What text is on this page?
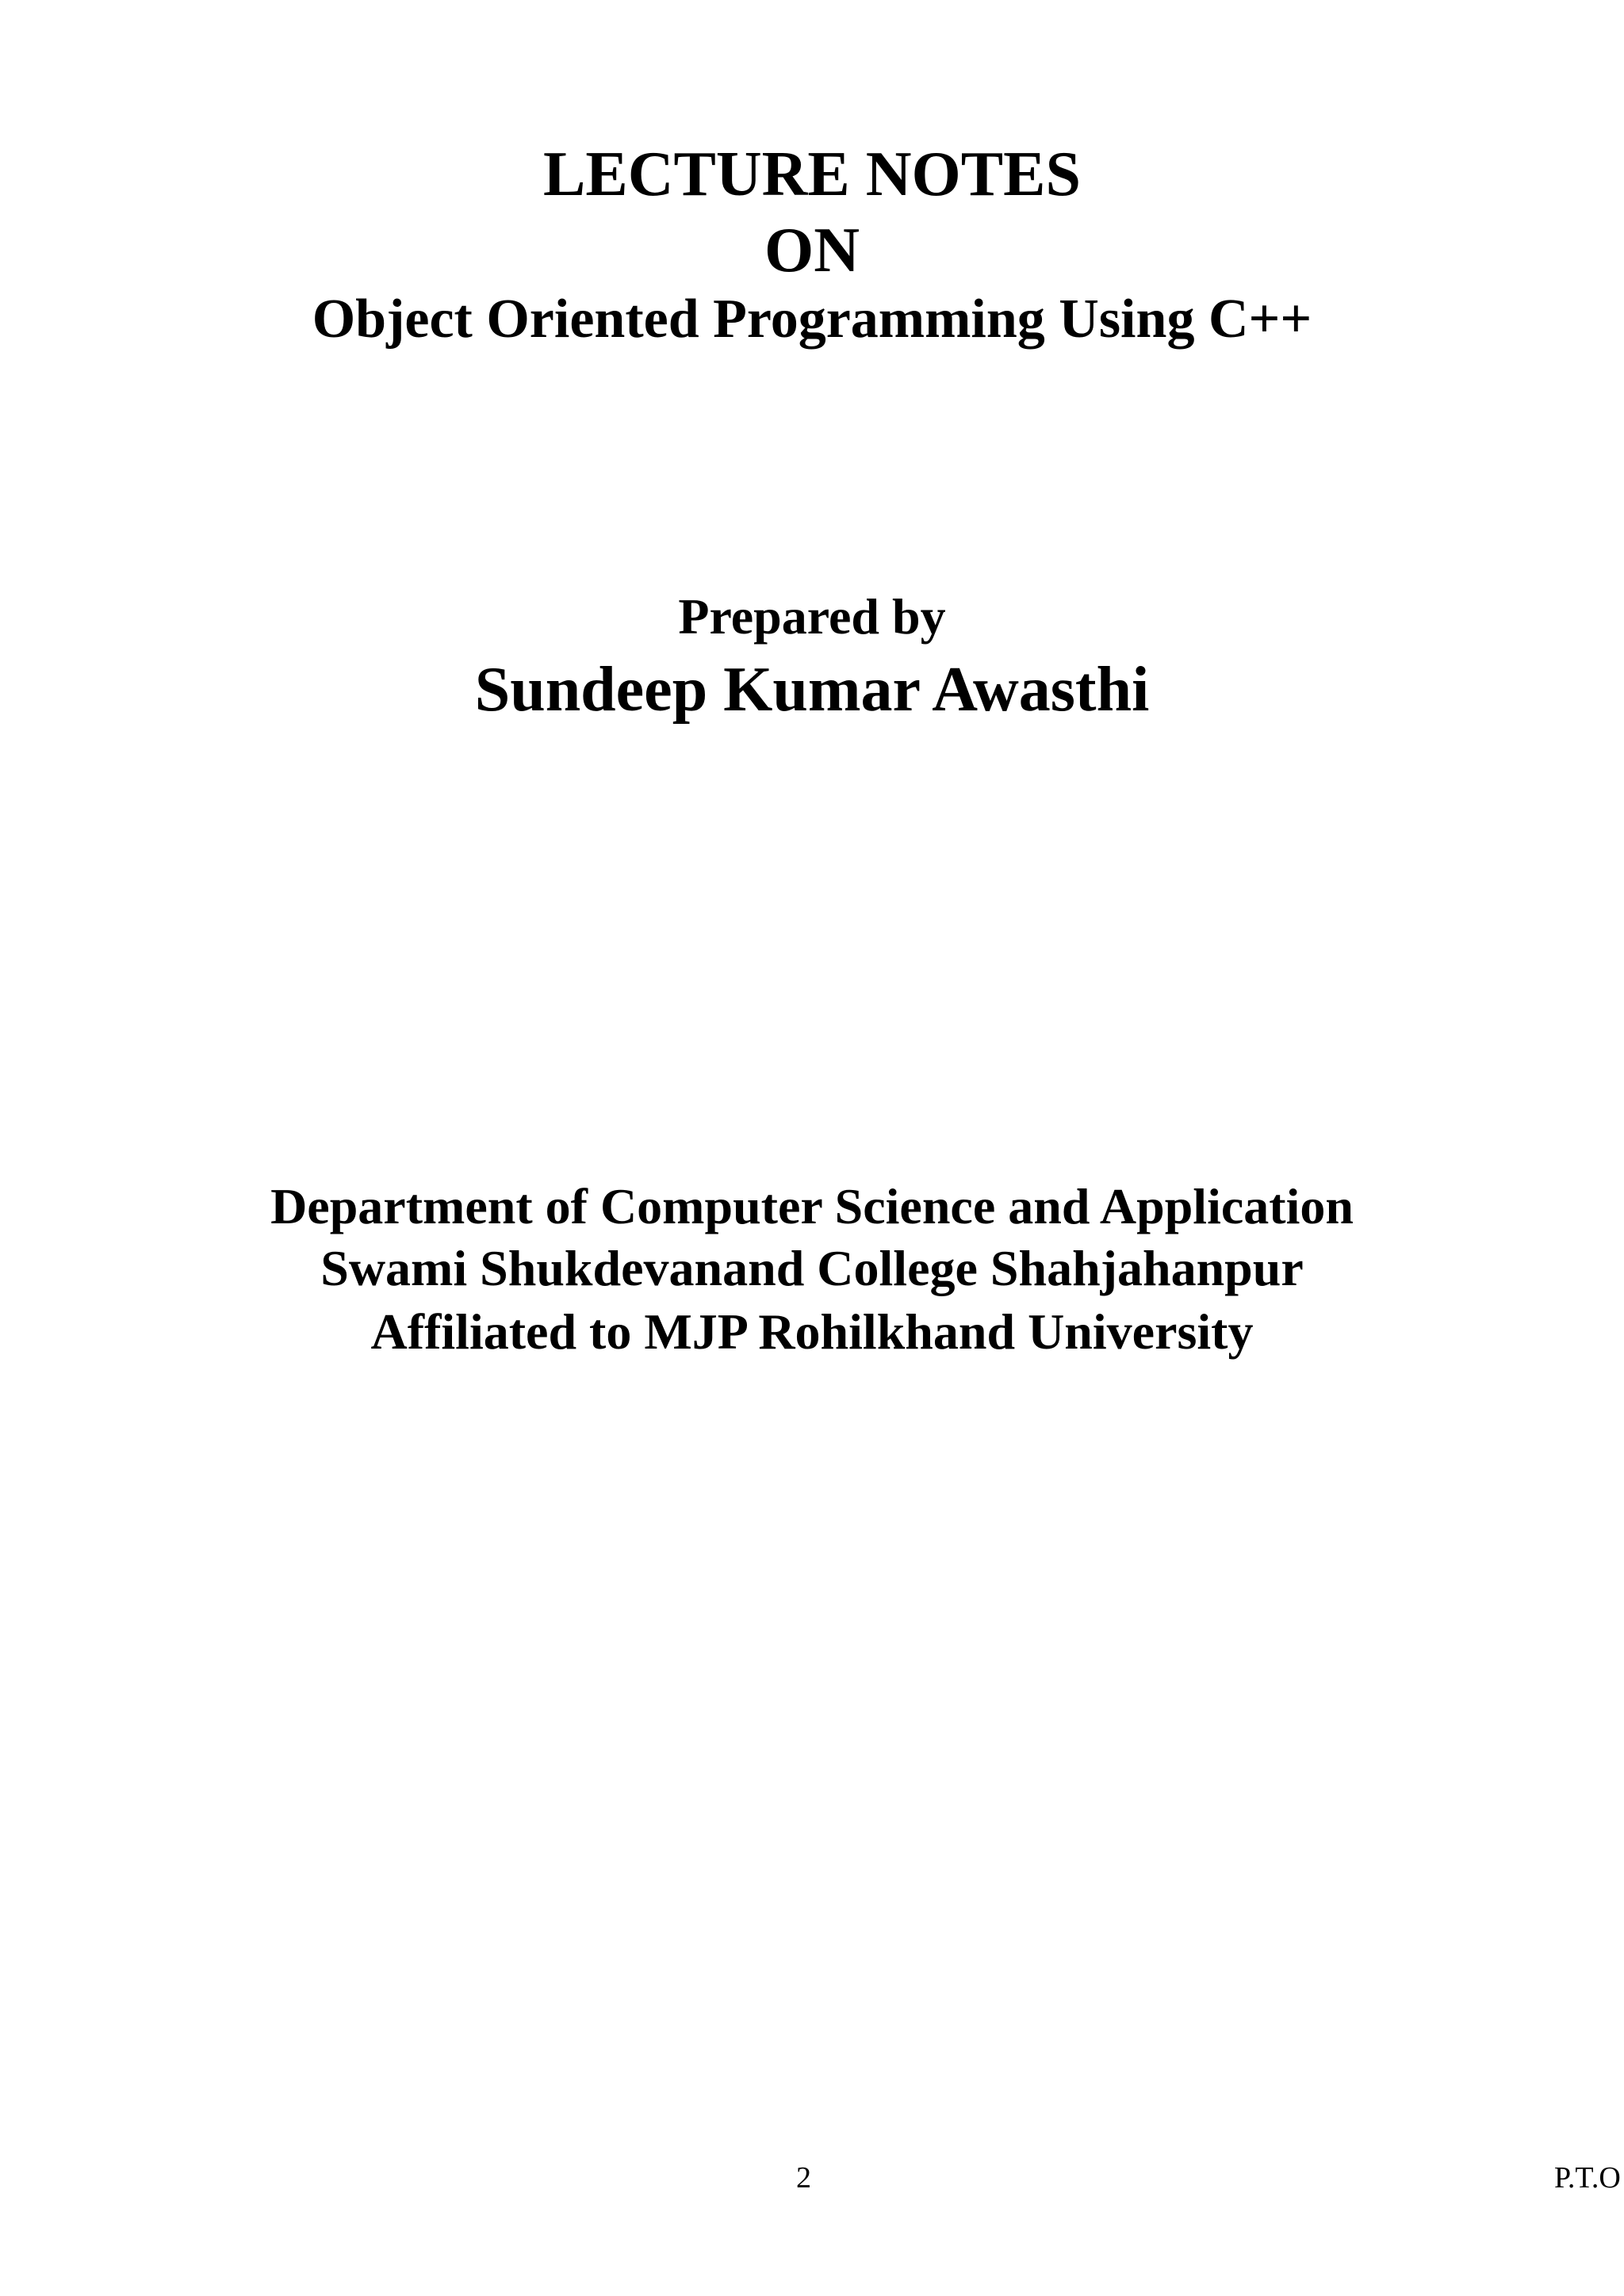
LECTURE NOTES
ON
Object Oriented Programming Using C++
Prepared by
Sundeep Kumar Awasthi
Department of Computer Science and Application
Swami Shukdevanand College Shahjahanpur
Affiliated to MJP Rohilkhand University
2	P.T.O
